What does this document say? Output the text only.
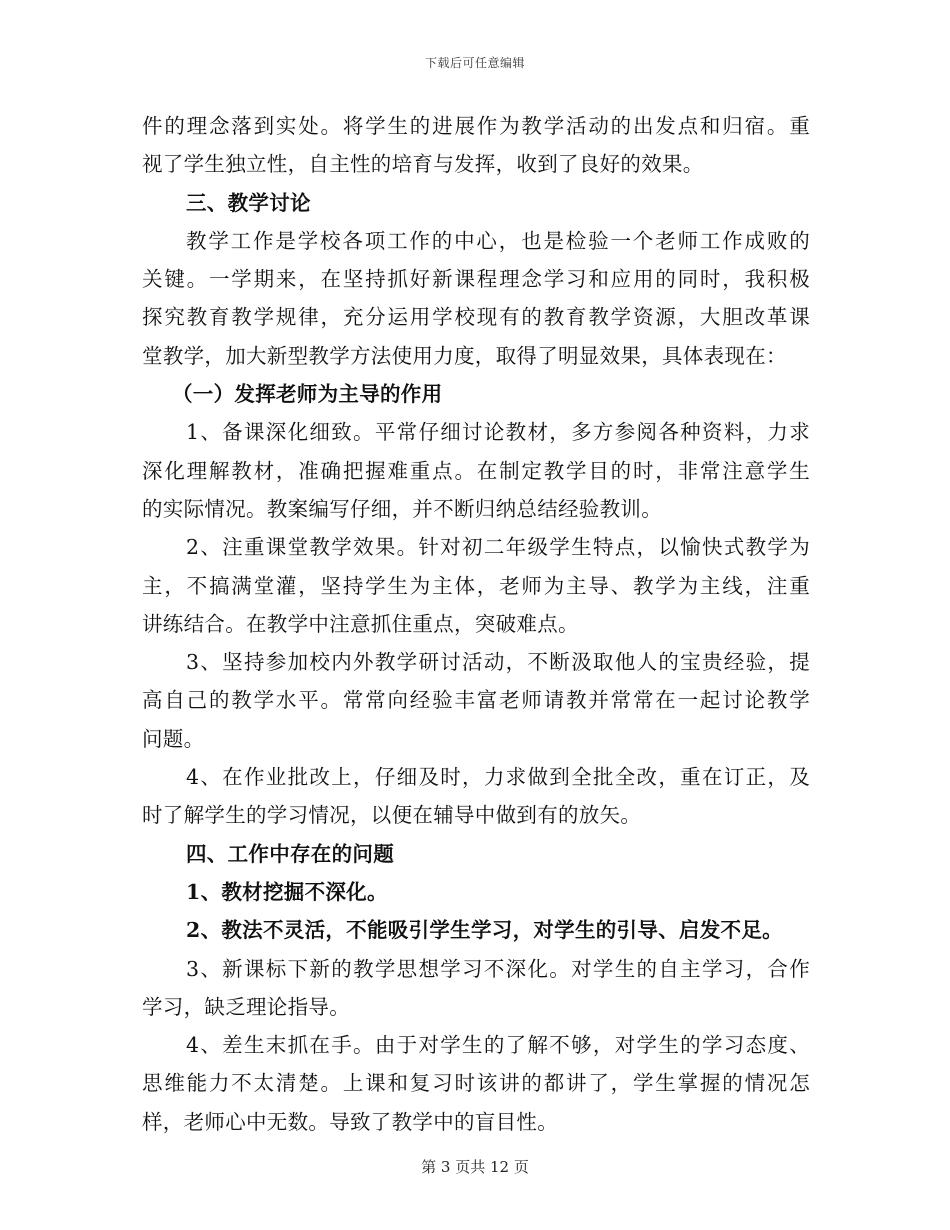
下载后可任意编辑
件的理念落到实处。将学生的进展作为教学活动的出发点和归宿。重
视了学生独立性，自主性的培育与发挥，收到了良好的效果。
三、教学讨论
教学工作是学校各项工作的中心，也是检验一个老师工作成败的
关键。一学期来，在坚持抓好新课程理念学习和应用的同时，我积极
探究教育教学规律，充分运用学校现有的教育教学资源，大胆改革课
堂教学，加大新型教学方法使用力度，取得了明显效果，具体表现在：
（一）发挥老师为主导的作用
1、备课深化细致。平常仔细讨论教材，多方参阅各种资料，力求
深化理解教材，准确把握难重点。在制定教学目的时，非常注意学生
的实际情况。教案编写仔细，并不断归纳总结经验教训。
2、注重课堂教学效果。针对初二年级学生特点，以愉快式教学为
主，不搞满堂灌，坚持学生为主体，老师为主导、教学为主线，注重
讲练结合。在教学中注意抓住重点，突破难点。
3、坚持参加校内外教学研讨活动，不断汲取他人的宝贵经验，提
高自己的教学水平。常常向经验丰富老师请教并常常在一起讨论教学
问题。
4、在作业批改上，仔细及时，力求做到全批全改，重在订正，及
时了解学生的学习情况，以便在辅导中做到有的放矢。
四、工作中存在的问题
1、教材挖掘不深化。
2、教法不灵活，不能吸引学生学习，对学生的引导、启发不足。
3、新课标下新的教学思想学习不深化。对学生的自主学习，合作
学习，缺乏理论指导。
4、差生末抓在手。由于对学生的了解不够，对学生的学习态度、
思维能力不太清楚。上课和复习时该讲的都讲了，学生掌握的情况怎
样，老师心中无数。导致了教学中的盲目性。
第 3 页共 12 页
